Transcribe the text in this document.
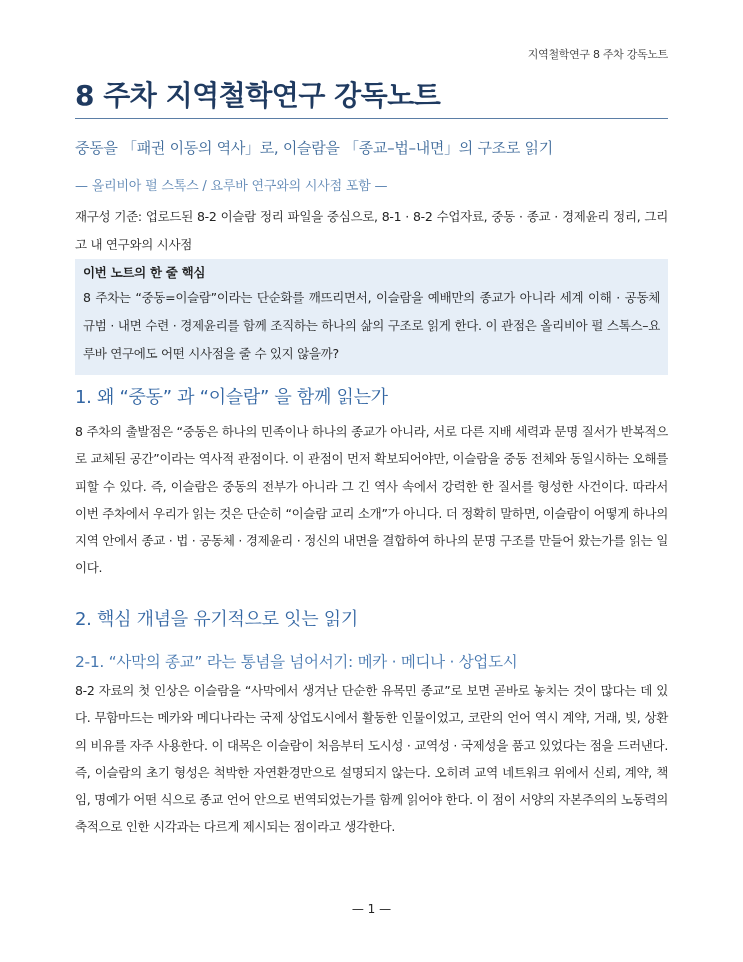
지역철학연구 8 주차 강독노트
8 주차 지역철학연구 강독노트
중동을 「패권 이동의 역사」로, 이슬람을 「종교–법–내면」의 구조로 읽기
— 올리비아 펄 스톡스 / 요루바 연구와의 시사점 포함 —
재구성 기준: 업로드된 8-2 이슬람 정리 파일을 중심으로, 8-1 · 8-2 수업자료, 중동 · 종교 · 경제윤리 정리, 그리고 내 연구와의 시사점
이번 노트의 한 줄 핵심
8 주차는 “중동=이슬람”이라는 단순화를 깨뜨리면서, 이슬람을 예배만의 종교가 아니라 세계 이해 · 공동체 규범 · 내면 수련 · 경제윤리를 함께 조직하는 하나의 삶의 구조로 읽게 한다. 이 관점은 올리비아 펄 스톡스–요루바 연구에도 어떤 시사점을 줄 수 있지 않을까?
1. 왜 “중동” 과 “이슬람” 을 함께 읽는가
8 주차의 출발점은 “중동은 하나의 민족이나 하나의 종교가 아니라, 서로 다른 지배 세력과 문명 질서가 반복적으로 교체된 공간”이라는 역사적 관점이다. 이 관점이 먼저 확보되어야만, 이슬람을 중동 전체와 동일시하는 오해를 피할 수 있다. 즉, 이슬람은 중동의 전부가 아니라 그 긴 역사 속에서 강력한 한 질서를 형성한 사건이다. 따라서 이번 주차에서 우리가 읽는 것은 단순히 “이슬람 교리 소개”가 아니다. 더 정확히 말하면, 이슬람이 어떻게 하나의 지역 안에서 종교 · 법 · 공동체 · 경제윤리 · 정신의 내면을 결합하여 하나의 문명 구조를 만들어 왔는가를 읽는 일이다.
2. 핵심 개념을 유기적으로 잇는 읽기
2-1. “사막의 종교” 라는 통념을 넘어서기: 메카 · 메디나 · 상업도시
8-2 자료의 첫 인상은 이슬람을 “사막에서 생겨난 단순한 유목민 종교”로 보면 곧바로 놓치는 것이 많다는 데 있다. 무함마드는 메카와 메디나라는 국제 상업도시에서 활동한 인물이었고, 코란의 언어 역시 계약, 거래, 빚, 상환의 비유를 자주 사용한다. 이 대목은 이슬람이 처음부터 도시성 · 교역성 · 국제성을 품고 있었다는 점을 드러낸다. 즉, 이슬람의 초기 형성은 척박한 자연환경만으로 설명되지 않는다. 오히려 교역 네트워크 위에서 신뢰, 계약, 책임, 명예가 어떤 식으로 종교 언어 안으로 번역되었는가를 함께 읽어야 한다. 이 점이 서양의 자본주의의 노동력의 축적으로 인한 시각과는 다르게 제시되는 점이라고 생각한다.
— 1 —
